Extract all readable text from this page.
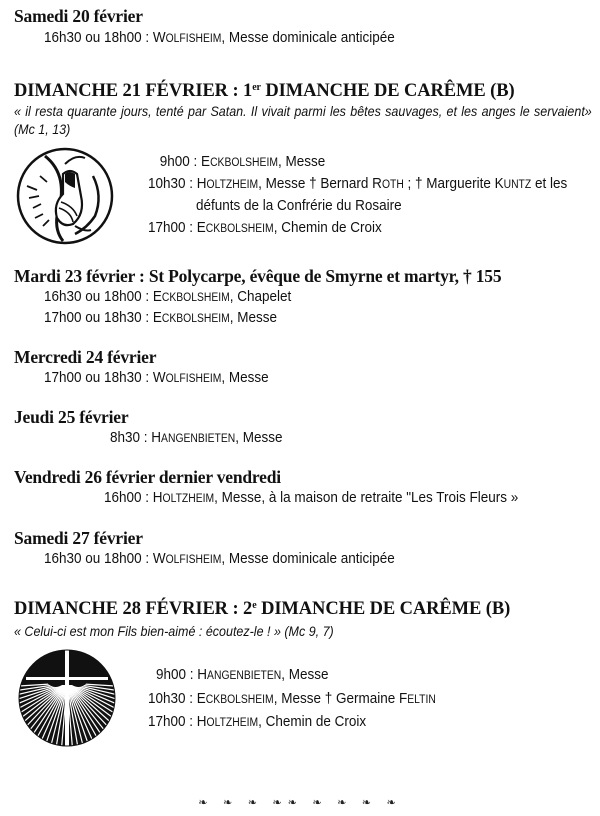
Samedi 20 février
16h30 ou 18h00 : WOLFISHEIM, Messe dominicale anticipée
DIMANCHE 21 FÉVRIER : 1er DIMANCHE DE CARÊME (B)
« il resta quarante jours, tenté par Satan. Il vivait parmi les bêtes sauvages, et les anges le servaient» (Mc 1, 13)
9h00 : ECKBOLSHEIM, Messe
10h30 : HOLTZHEIM, Messe † Bernard ROTH ; † Marguerite KUNTZ et les
défunts de la Confrérie du Rosaire
17h00 : ECKBOLSHEIM, Chemin de Croix
Mardi 23 février : St Polycarpe, évêque de Smyrne et martyr, † 155
16h30 ou 18h00 : ECKBOLSHEIM, Chapelet
17h00 ou 18h30 : ECKBOLSHEIM, Messe
Mercredi 24 février
17h00 ou 18h30 : WOLFISHEIM, Messe
Jeudi 25 février
8h30 : HANGENBIETEN, Messe
Vendredi 26 février dernier vendredi
16h00 : HOLTZHEIM, Messe, à la maison de retraite "Les Trois Fleurs »
Samedi 27 février
16h30 ou 18h00 : WOLFISHEIM, Messe dominicale anticipée
DIMANCHE 28 FÉVRIER : 2e DIMANCHE DE CARÊME (B)
« Celui-ci est mon Fils bien-aimé : écoutez-le ! » (Mc 9, 7)
9h00 : HANGENBIETEN, Messe
10h30 : ECKBOLSHEIM, Messe † Germaine FELTIN
17h00 : HOLTZHEIM, Chemin de Croix
❧ ❧ ❧ ❧❧ ❧ ❧ ❧ ❧
